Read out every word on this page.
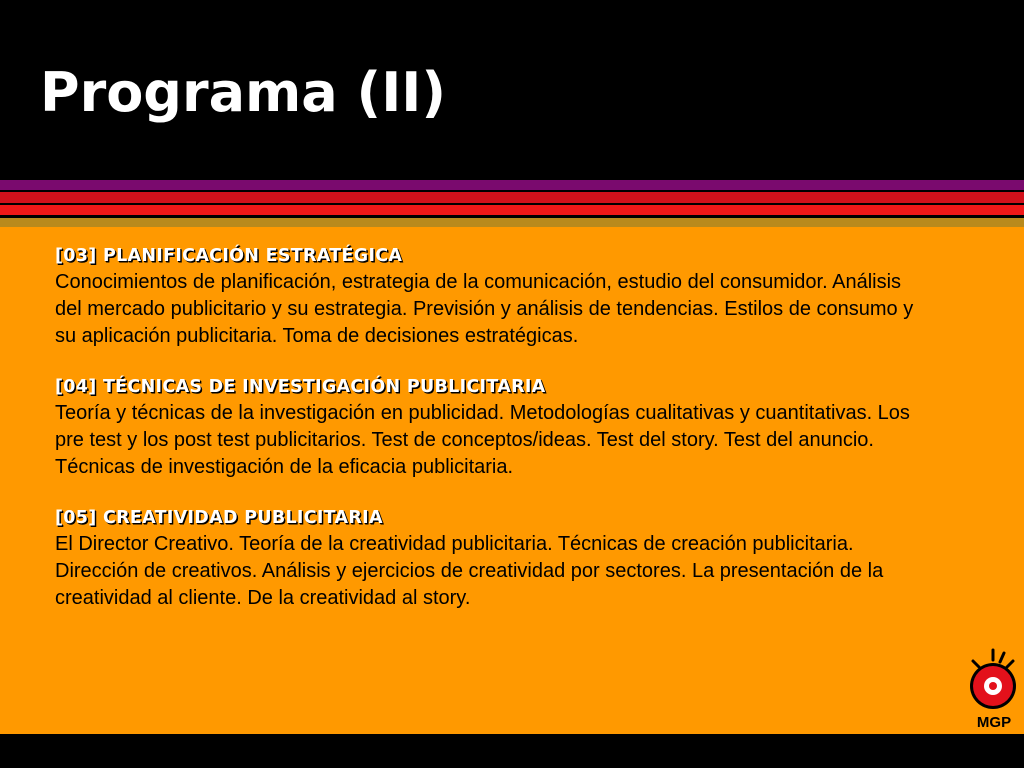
Programa (II)

[03] PLANIFICACIÓN ESTRATÉGICA

Conocimientos de planificación, estrategia de la comunicación, estudio del consumidor. Análisis del mercado publicitario y su estrategia. Previsión y análisis de tendencias. Estilos de consumo y su aplicación publicitaria. Toma de decisiones estratégicas.

[04] TÉCNICAS DE INVESTIGACIÓN PUBLICITARIA

Teoría y técnicas de la investigación en publicidad. Metodologías cualitativas y cuantitativas. Los pre test y los post test publicitarios. Test de conceptos/ideas. Test del story. Test del anuncio. Técnicas de investigación de la eficacia publicitaria.

[05] CREATIVIDAD PUBLICITARIA

El Director Creativo. Teoría de la creatividad publicitaria. Técnicas de creación publicitaria. Dirección de creativos. Análisis y ejercicios de creatividad por sectores. La presentación de la creatividad al cliente. De la creatividad al story.

MGP
